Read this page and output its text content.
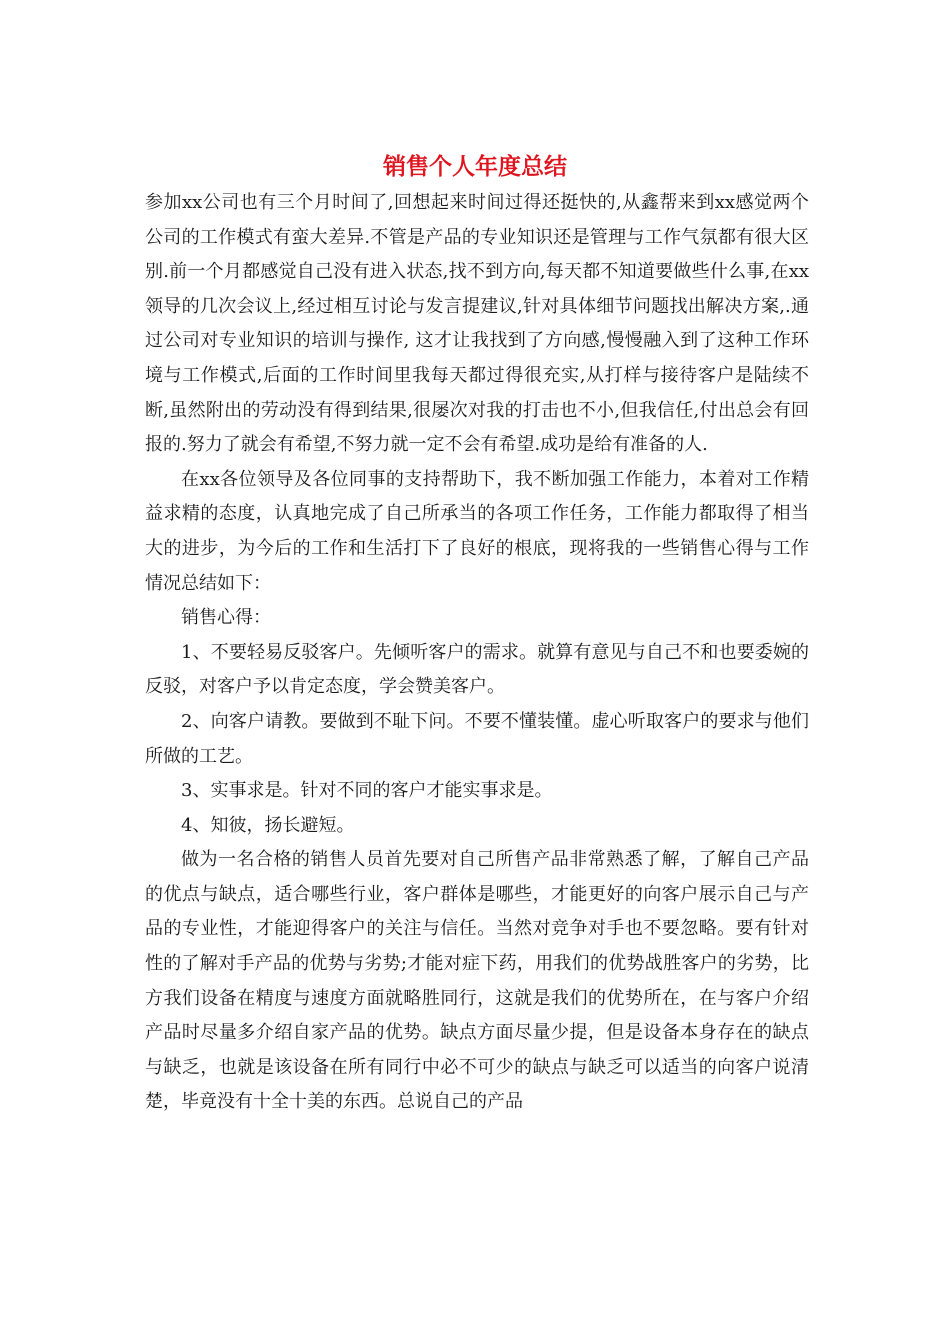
销售个人年度总结

参加xx公司也有三个月时间了,回想起来时间过得还挺快的,从鑫帮来到xx感觉两个公司的工作模式有蛮大差异.不管是产品的专业知识还是管理与工作气氛都有很大区别.前一个月都感觉自己没有进入状态,找不到方向,每天都不知道要做些什么事,在xx领导的几次会议上,经过相互讨论与发言提建议,针对具体细节问题找出解决方案,.通过公司对专业知识的培训与操作, 这才让我找到了方向感,慢慢融入到了这种工作环境与工作模式,后面的工作时间里我每天都过得很充实,从打样与接待客户是陆续不断,虽然附出的劳动没有得到结果,很屡次对我的打击也不小,但我信任,付出总会有回报的.努力了就会有希望,不努力就一定不会有希望.成功是给有准备的人.

在xx各位领导及各位同事的支持帮助下，我不断加强工作能力，本着对工作精益求精的态度，认真地完成了自己所承当的各项工作任务，工作能力都取得了相当大的进步，为今后的工作和生活打下了良好的根底，现将我的一些销售心得与工作情况总结如下：

销售心得：

1、不要轻易反驳客户。先倾听客户的需求。就算有意见与自己不和也要委婉的反驳，对客户予以肯定态度，学会赞美客户。

2、向客户请教。要做到不耻下问。不要不懂装懂。虚心听取客户的要求与他们所做的工艺。

3、实事求是。针对不同的客户才能实事求是。

4、知彼，扬长避短。

做为一名合格的销售人员首先要对自己所售产品非常熟悉了解，了解自己产品的优点与缺点，适合哪些行业，客户群体是哪些，才能更好的向客户展示自己与产品的专业性，才能迎得客户的关注与信任。当然对竞争对手也不要忽略。要有针对性的了解对手产品的优势与劣势;才能对症下药，用我们的优势战胜客户的劣势，比方我们设备在精度与速度方面就略胜同行，这就是我们的优势所在，在与客户介绍产品时尽量多介绍自家产品的优势。缺点方面尽量少提，但是设备本身存在的缺点与缺乏，也就是该设备在所有同行中必不可少的缺点与缺乏可以适当的向客户说清楚，毕竟没有十全十美的东西。总说自己的产品
